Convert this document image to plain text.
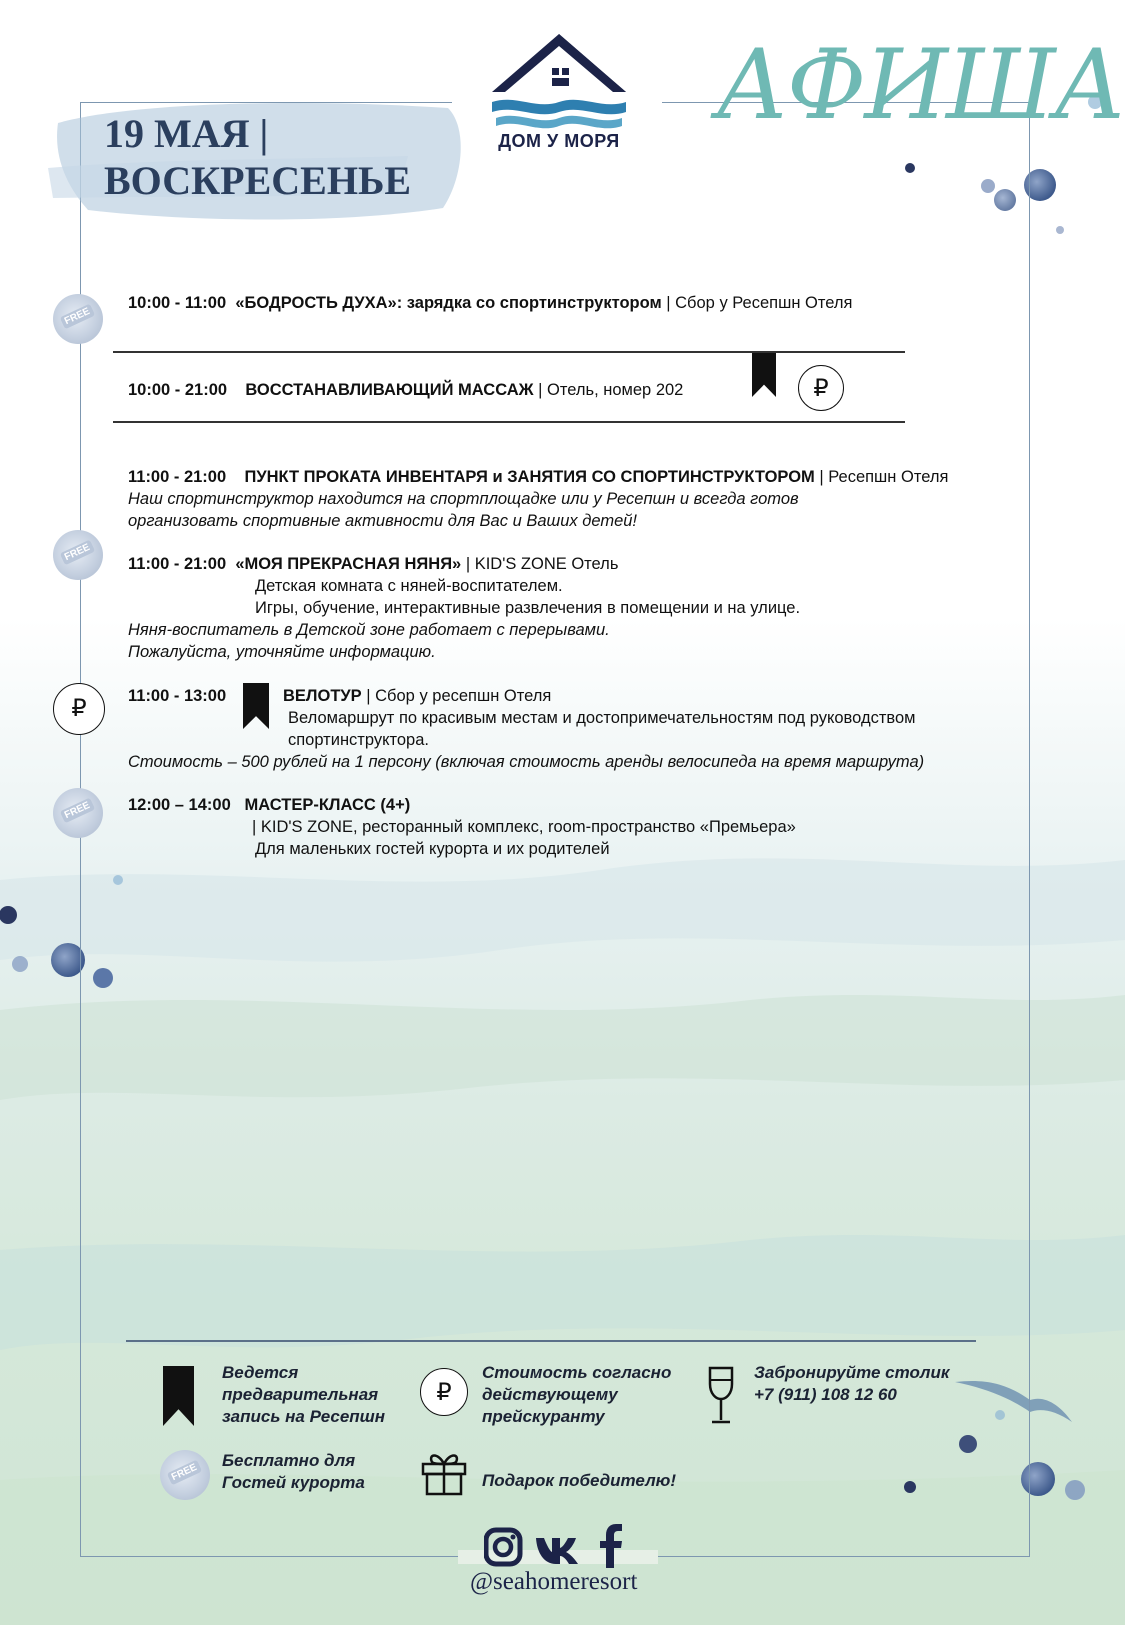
19 МАЯ |
ВОСКРЕСЕНЬЕ
ДОМ У МОРЯ АФИША
FREE
10:00 - 11:00 «БОДРОСТЬ ДУХА»: зарядка со спортинструктором | Сбор у Ресепшн Отеля
10:00 - 21:00 ВОССТАНАВЛИВАЮЩИЙ МАССАЖ | Отель, номер 202	₽
11:00 - 21:00 ПУНКТ ПРОКАТА ИНВЕНТАРЯ и ЗАНЯТИЯ СО СПОРТИНСТРУКТОРОМ | Ресепшн Отеля
Наш спортинструктор находится на спортплощадке или у Ресепшн и всегда готов
организовать спортивные активности для Вас и Ваших детей!
FREE
11:00 - 21:00 «МОЯ ПРЕКРАСНАЯ НЯНЯ» | KID'S ZONE Отель
Детская комната с няней-воспитателем.
Игры, обучение, интерактивные развлечения в помещении и на улице.
Няня-воспитатель в Детской зоне работает с перерывами.
Пожалуйста, уточняйте информацию.
₽	11:00 - 13:00	ВЕЛОТУР | Сбор у ресепшн Отеля
Веломаршрут по красивым местам и достопримечательностям под руководством
спортинструктора.
Стоимость – 500 рублей на 1 персону (включая стоимость аренды велосипеда на время маршрута)
FREE 12:00 – 14:00 МАСТЕР-КЛАСС (4+)
| KID'S ZONE, ресторанный комплекс, room-пространство «Премьера»
Для маленьких гостей курорта и их родителей
Ведется
предварительная
запись на Ресепшн
₽
Стоимость согласно
действующему
прейскуранту
Забронируйте столик
+7 (911) 108 12 60
FREE
Бесплатно для
Гостей курорта	Подарок победителю!
@seahomeresort
